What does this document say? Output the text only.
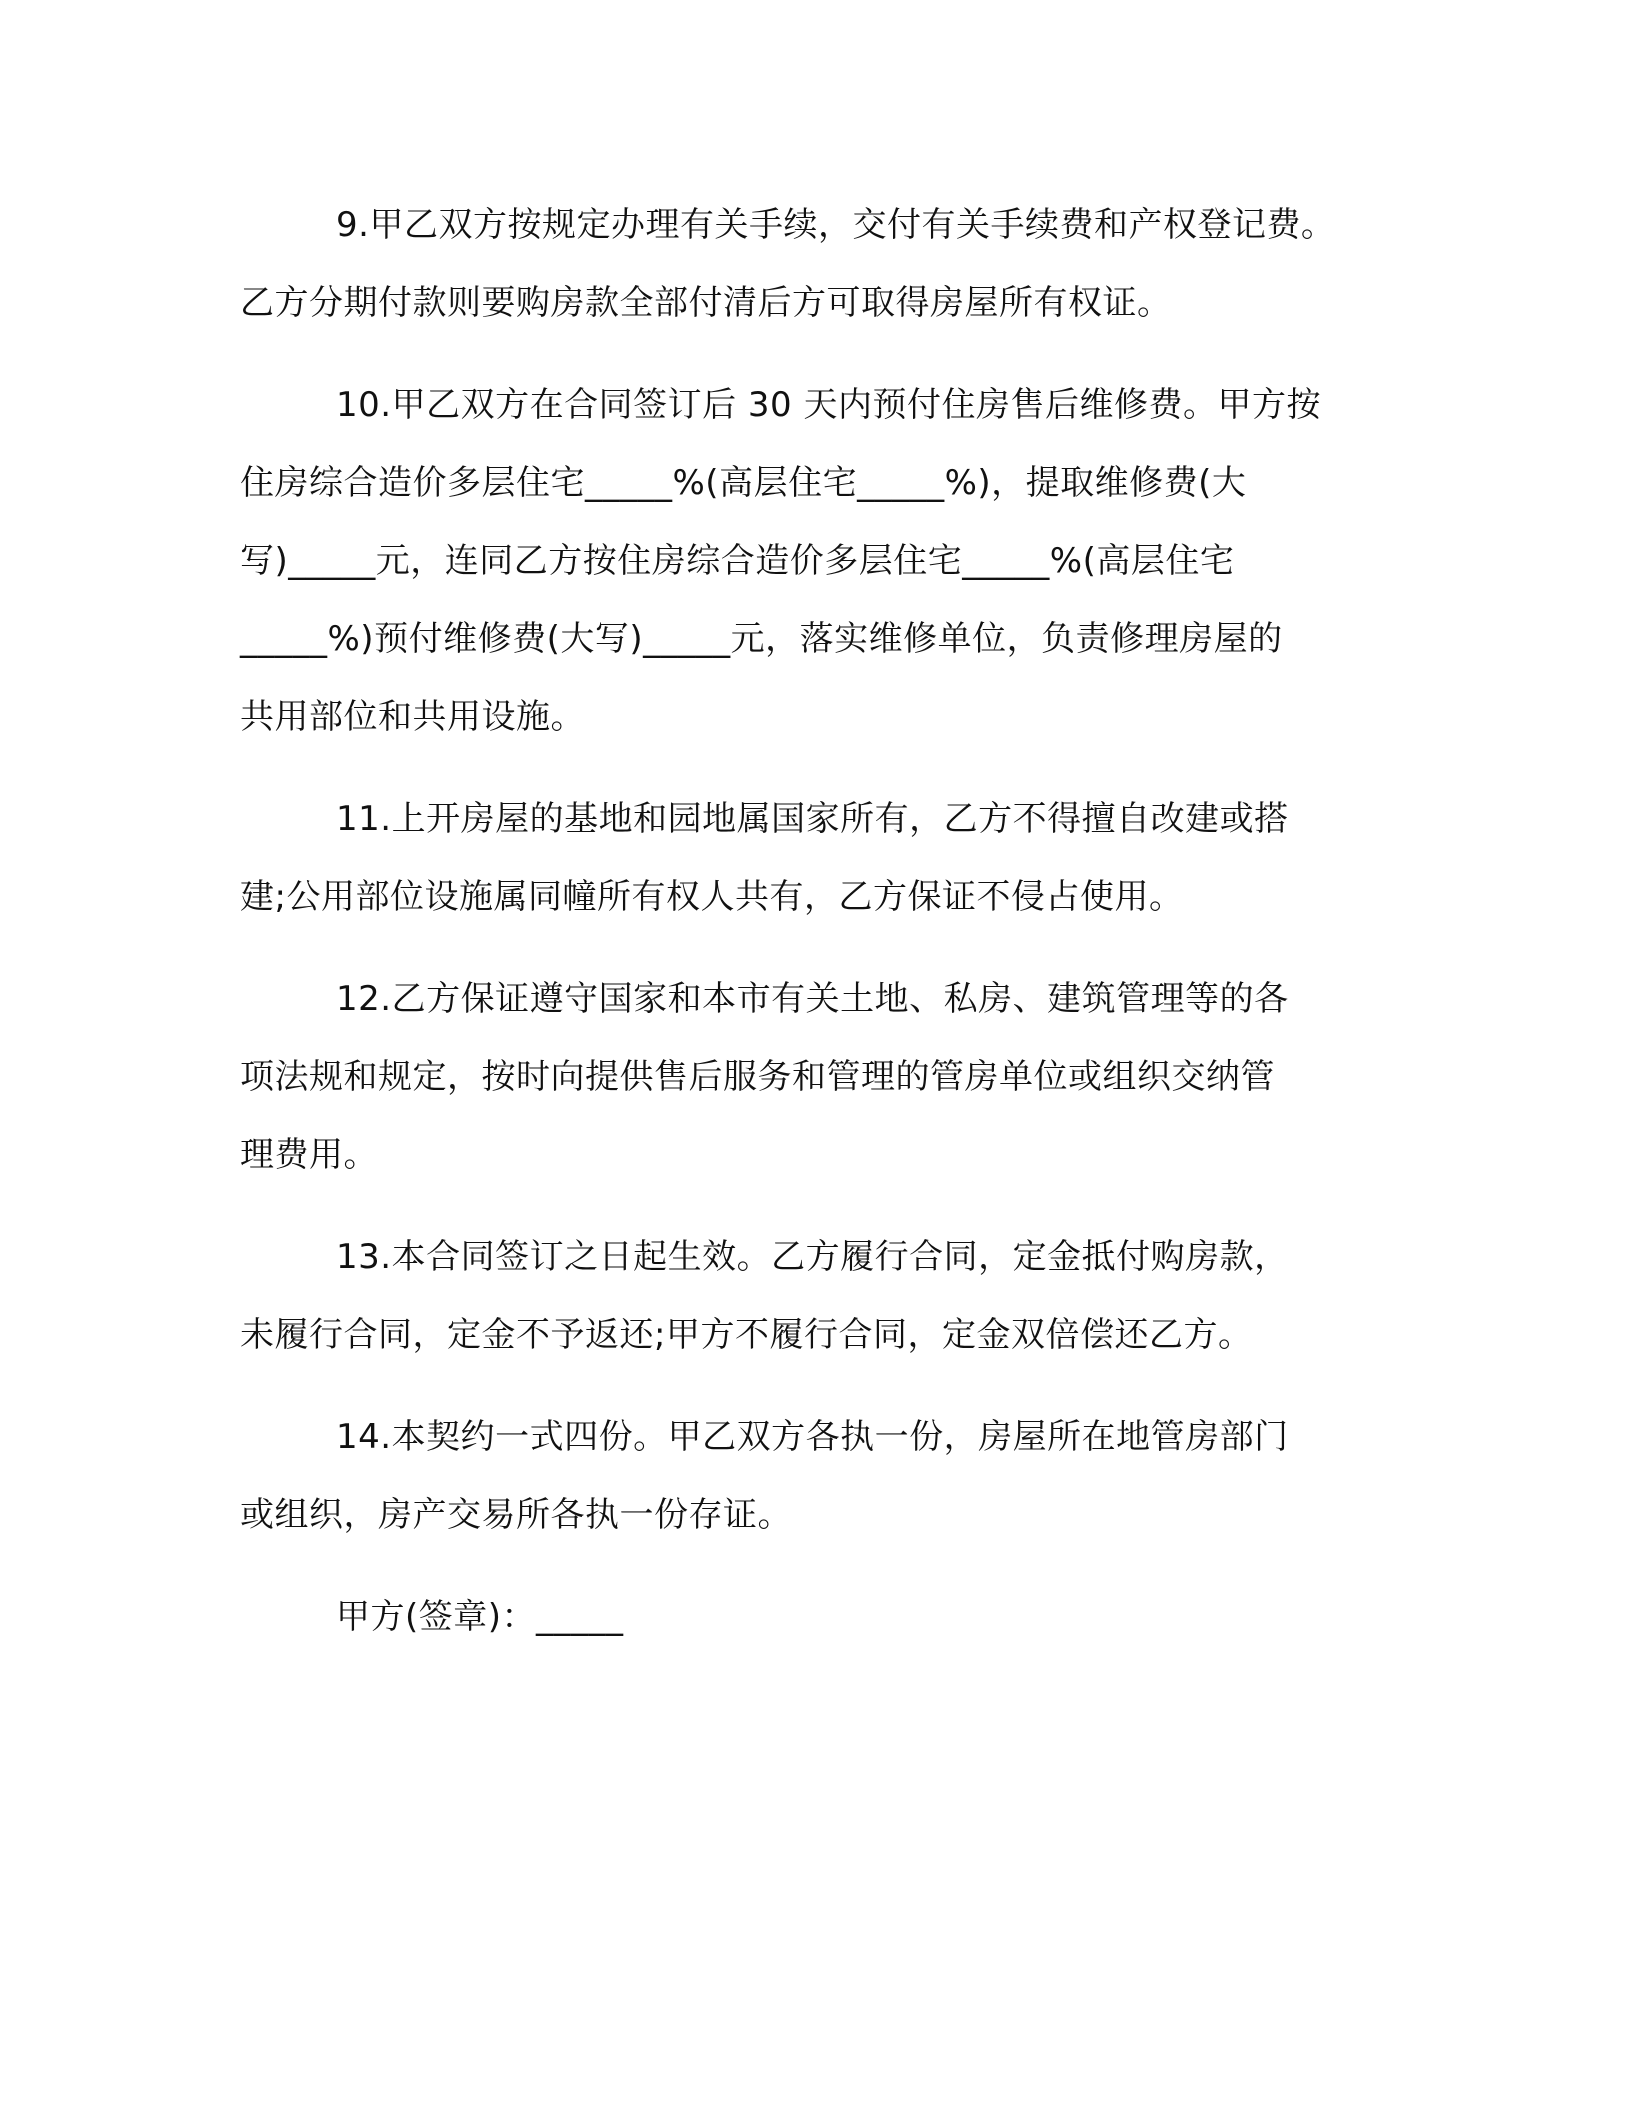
9.甲乙双方按规定办理有关手续，交付有关手续费和产权登记费。
乙方分期付款则要购房款全部付清后方可取得房屋所有权证。
10.甲乙双方在合同签订后 30 天内预付住房售后维修费。甲方按
住房综合造价多层住宅_____%(高层住宅_____%)，提取维修费(大
写)_____元，连同乙方按住房综合造价多层住宅_____%(高层住宅
_____%)预付维修费(大写)_____元，落实维修单位，负责修理房屋的
共用部位和共用设施。
11.上开房屋的基地和园地属国家所有，乙方不得擅自改建或搭
建;公用部位设施属同幢所有权人共有，乙方保证不侵占使用。
12.乙方保证遵守国家和本市有关土地、私房、建筑管理等的各
项法规和规定，按时向提供售后服务和管理的管房单位或组织交纳管
理费用。
13.本合同签订之日起生效。乙方履行合同，定金抵付购房款，
未履行合同，定金不予返还;甲方不履行合同，定金双倍偿还乙方。
14.本契约一式四份。甲乙双方各执一份，房屋所在地管房部门
或组织，房产交易所各执一份存证。
甲方(签章)：_____
